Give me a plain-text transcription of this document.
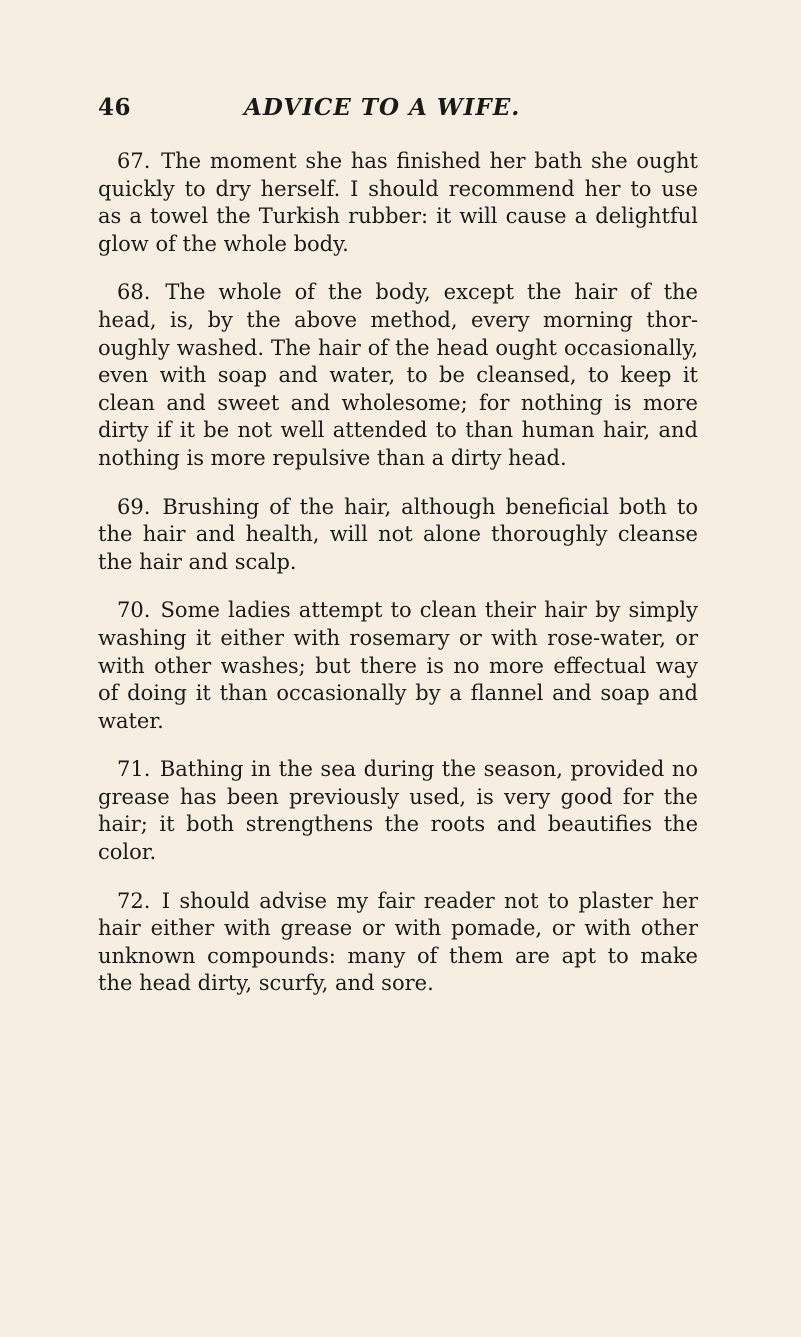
46	ADVICE TO A WIFE.

67. The moment she has finished her bath she ought quickly to dry herself. I should recommend her to use as a towel the Turkish rubber: it will cause a delightful glow of the whole body.

68. The whole of the body, except the hair of the head, is, by the above method, every morning thoroughly washed. The hair of the head ought occasionally, even with soap and water, to be cleansed, to keep it clean and sweet and wholesome; for nothing is more dirty if it be not well attended to than human hair, and nothing is more repulsive than a dirty head.

69. Brushing of the hair, although beneficial both to the hair and health, will not alone thoroughly cleanse the hair and scalp.

70. Some ladies attempt to clean their hair by simply washing it either with rosemary or with rose-water, or with other washes; but there is no more effectual way of doing it than occasionally by a flannel and soap and water.

71. Bathing in the sea during the season, provided no grease has been previously used, is very good for the hair; it both strengthens the roots and beautifies the color.

72. I should advise my fair reader not to plaster her hair either with grease or with pomade, or with other unknown compounds: many of them are apt to make the head dirty, scurfy, and sore.
